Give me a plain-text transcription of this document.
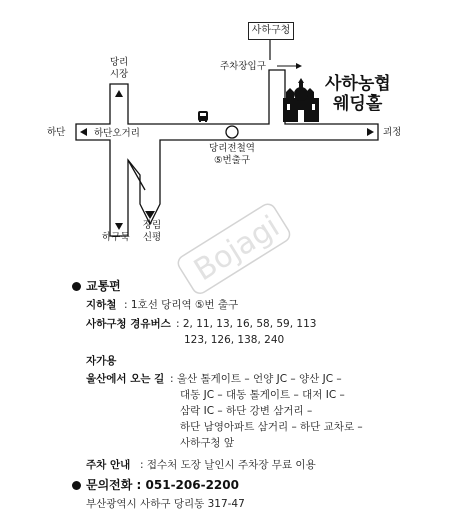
사하구청
주차장입구
사하농협
웨딩홀
당리
시장
하단	하단오거리
당리전철역
⑤번출구
괴정
하구둑
장림
신평 Bojagi
교통편
지하철 : 1호선 당리역 ⑤번 출구
사하구청 경유버스 : 2, 11, 13, 16, 58, 59, 113
123, 126, 138, 240
자가용
울산에서 오는 길 : 울산 톨게이트 – 언양 JC – 양산 JC –
대동 JC – 대동 톨게이트 – 대저 IC –
삼락 IC – 하단 강변 삼거리 –
하단 남영아파트 삼거리 – 하단 교차로 –
사하구청 앞
주차 안내 : 접수처 도장 날인시 주차장 무료 이용
문의전화 : 051-206-2200
부산광역시 사하구 당리동 317-47
